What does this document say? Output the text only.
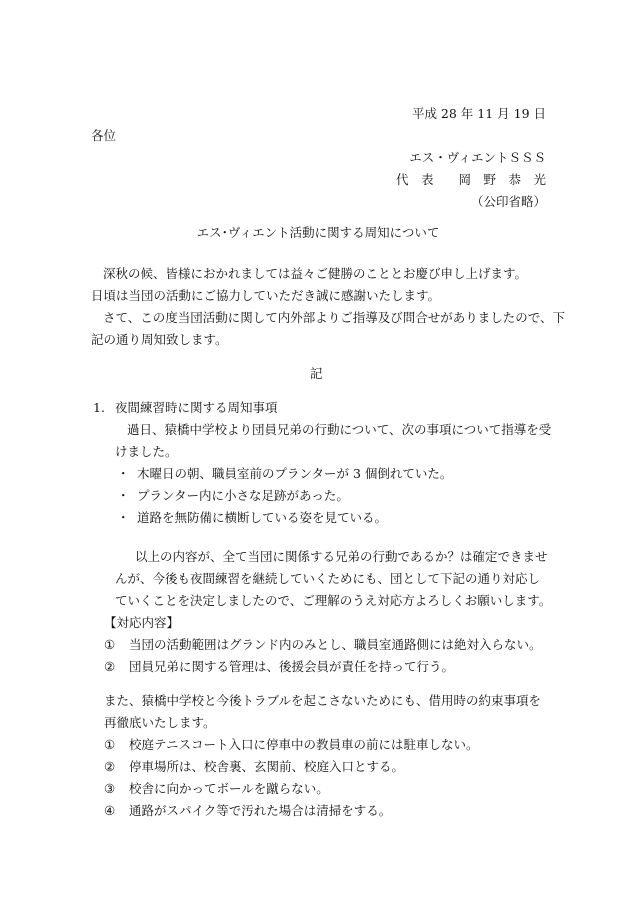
平成 28 年 11 月 19 日
各位
エス・ヴィエントＳＳＳ
代　表　　岡　野　恭　光
（公印省略）
エス･ヴィエント活動に関する周知について
深秋の候、皆様におかれましては益々ご健勝のこととお慶び申し上げます。
日頃は当団の活動にご協力していただき誠に感謝いたします。
さて、この度当団活動に関して内外部よりご指導及び問合せがありましたので、下
記の通り周知致します。
記
1. 夜間練習時に関する周知事項
過日、猿橋中学校より団員兄弟の行動について、次の事項について指導を受
けました。
・ 木曜日の朝、職員室前のプランターが 3 個倒れていた。
・ プランター内に小さな足跡があった。
・ 道路を無防備に横断している姿を見ている。
以上の内容が、全て当団に関係する兄弟の行動であるか？は確定できませ
んが、今後も夜間練習を継続していくためにも、団として下記の通り対応し
ていくことを決定しましたので、ご理解のうえ対応方よろしくお願いします。
【対応内容】
① 当団の活動範囲はグランド内のみとし、職員室通路側には絶対入らない。
② 団員兄弟に関する管理は、後援会員が責任を持って行う。
また、猿橋中学校と今後トラブルを起こさないためにも、借用時の約束事項を
再徹底いたします。
① 校庭テニスコート入口に停車中の教員車の前には駐車しない。
② 停車場所は、校舎裏、玄関前、校庭入口とする。
③ 校舎に向かってボールを蹴らない。
④ 通路がスパイク等で汚れた場合は清掃をする。
